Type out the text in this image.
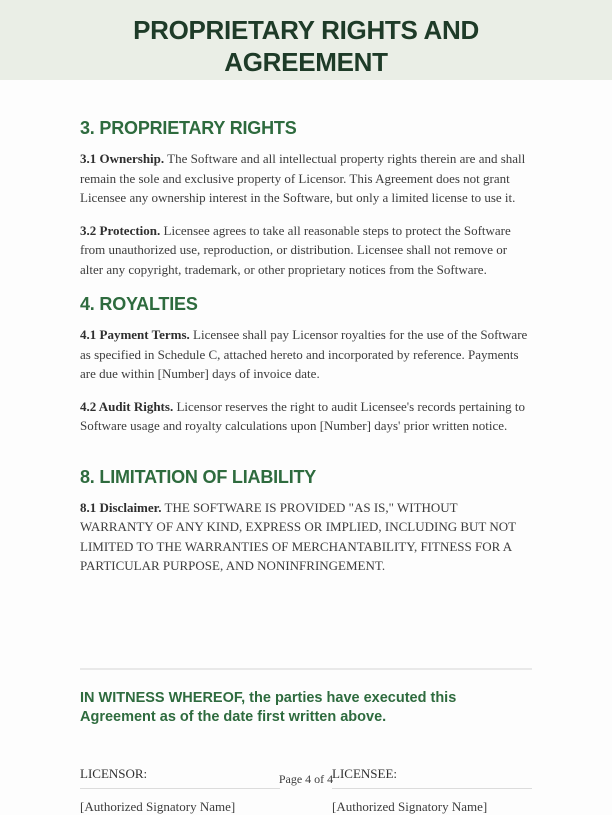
PROPRIETARY RIGHTS AND AGREEMENT
3. PROPRIETARY RIGHTS

3.1 Ownership. The Software and all intellectual property rights therein are and shall remain the sole and exclusive property of Licensor. This Agreement does not grant Licensee any ownership interest in the Software, but only a limited license to use it.

3.2 Protection. Licensee agrees to take all reasonable steps to protect the Software from unauthorized use, reproduction, or distribution. Licensee shall not remove or alter any copyright, trademark, or other proprietary notices from the Software.

4. ROYALTIES

4.1 Payment Terms. Licensee shall pay Licensor royalties for the use of the Software as specified in Schedule C, attached hereto and incorporated by reference. Payments are due within [Number] days of invoice date.

4.2 Audit Rights. Licensor reserves the right to audit Licensee's records pertaining to Software usage and royalty calculations upon [Number] days' prior written notice.

8. LIMITATION OF LIABILITY

8.1 Disclaimer. THE SOFTWARE IS PROVIDED "AS IS," WITHOUT WARRANTY OF ANY KIND, EXPRESS OR IMPLIED, INCLUDING BUT NOT LIMITED TO THE WARRANTIES OF MERCHANTABILITY, FITNESS FOR A PARTICULAR PURPOSE, AND NONINFRINGEMENT.

IN WITNESS WHEREOF, the parties have executed this Agreement as of the date first written above.
LICENSOR:
[Authorized Signatory Name]
LICENSEE:
[Authorized Signatory Name]
Page 4 of 4
